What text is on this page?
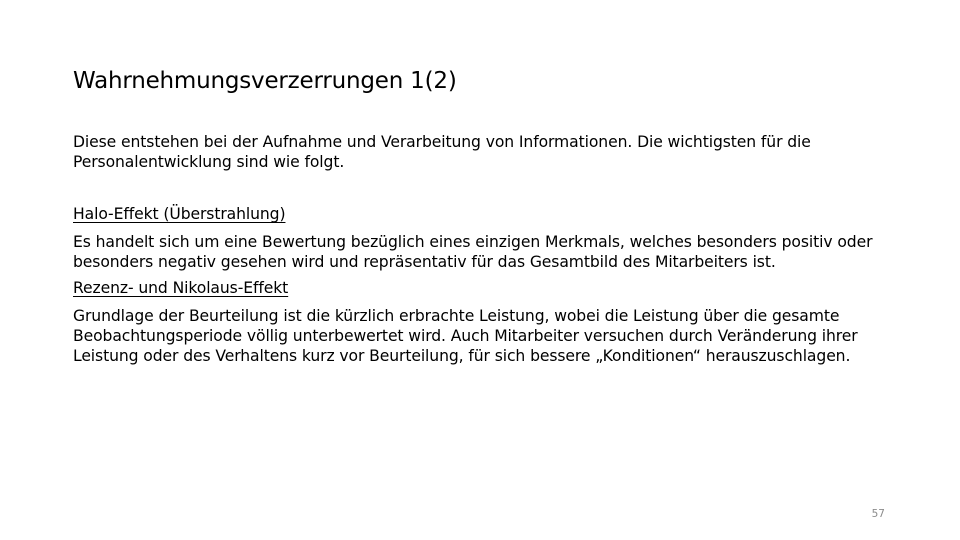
Wahrnehmungsverzerrungen 1(2)

Diese entstehen bei der Aufnahme und Verarbeitung von Informationen. Die wichtigsten für die Personalentwicklung sind wie folgt.

Halo-Effekt (Überstrahlung)

Es handelt sich um eine Bewertung bezüglich eines einzigen Merkmals, welches besonders positiv oder besonders negativ gesehen wird und repräsentativ für das Gesamtbild des Mitarbeiters ist.

Rezenz- und Nikolaus-Effekt

Grundlage der Beurteilung ist die kürzlich erbrachte Leistung, wobei die Leistung über die gesamte Beobachtungsperiode völlig unterbewertet wird. Auch Mitarbeiter versuchen durch Veränderung ihrer Leistung oder des Verhaltens kurz vor Beurteilung, für sich bessere „Konditionen“ herauszuschlagen.

57
